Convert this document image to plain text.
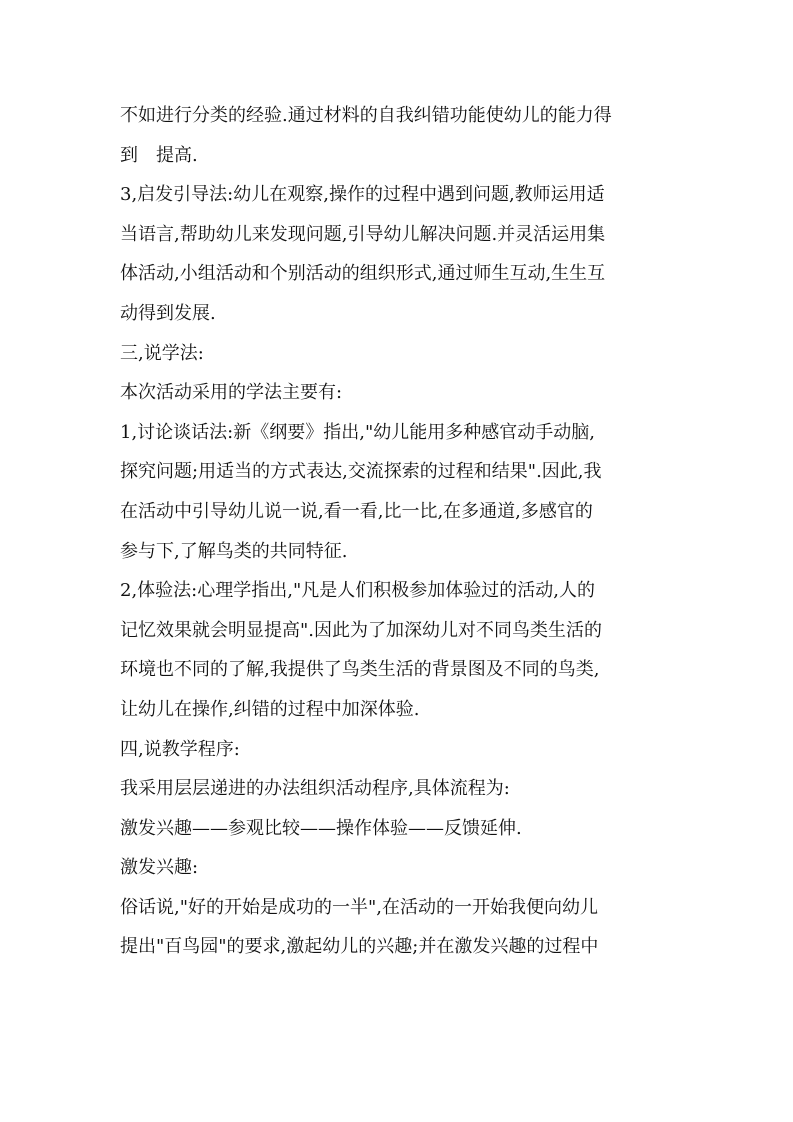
不如进行分类的经验.通过材料的自我纠错功能使幼儿的能力得
到　提高.
3,启发引导法:幼儿在观察,操作的过程中遇到问题,教师运用适
当语言,帮助幼儿来发现问题,引导幼儿解决问题.并灵活运用集
体活动,小组活动和个别活动的组织形式,通过师生互动,生生互
动得到发展.
三,说学法:
本次活动采用的学法主要有:
1,讨论谈话法:新《纲要》指出,"幼儿能用多种感官动手动脑,
探究问题;用适当的方式表达,交流探索的过程和结果".因此,我
在活动中引导幼儿说一说,看一看,比一比,在多通道,多感官的
参与下,了解鸟类的共同特征.
2,体验法:心理学指出,"凡是人们积极参加体验过的活动,人的
记忆效果就会明显提高".因此为了加深幼儿对不同鸟类生活的
环境也不同的了解,我提供了鸟类生活的背景图及不同的鸟类,
让幼儿在操作,纠错的过程中加深体验.
四,说教学程序:
我采用层层递进的办法组织活动程序,具体流程为:
激发兴趣——参观比较——操作体验——反馈延伸.
激发兴趣:
俗话说,"好的开始是成功的一半",在活动的一开始我便向幼儿
提出"百鸟园"的要求,激起幼儿的兴趣;并在激发兴趣的过程中
